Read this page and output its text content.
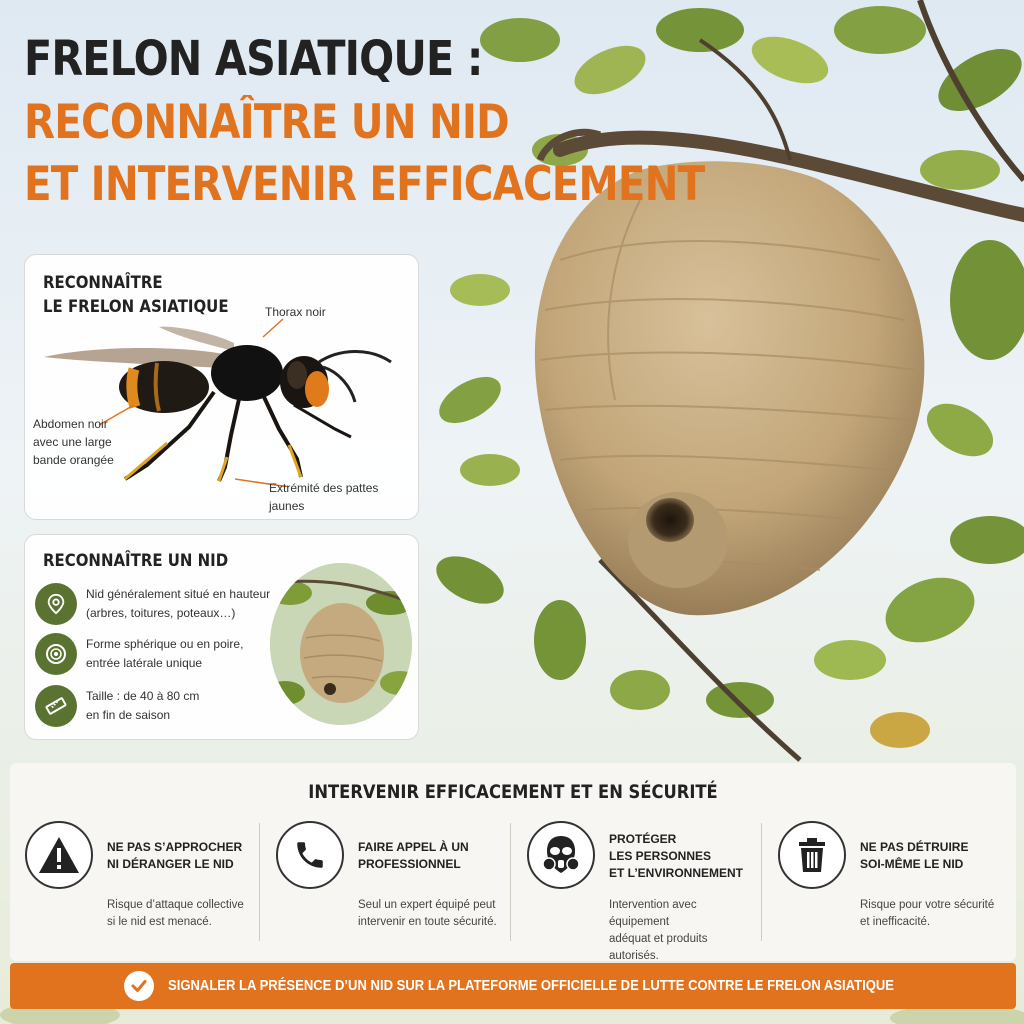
FRELON ASIATIQUE :
RECONNAÎTRE UN NID
ET INTERVENIR EFFICACEMENT
RECONNAÎTRE
LE FRELON ASIATIQUE	Thorax noir
Abdomen noir
avec une large
bande orangée
Extrémité des pattes
jaunes
RECONNAÎTRE UN NID
Nid généralement situé en hauteur
(arbres, toitures, poteaux…)
Forme sphérique ou en poire,
entrée latérale unique
Taille : de 40 à 80 cm
en fin de saison
INTERVENIR EFFICACEMENT ET EN SÉCURITÉ
NE PAS S’APPROCHER
NI DÉRANGER LE NID
Risque d’attaque collective
si le nid est menacé.
FAIRE APPEL À UN
PROFESSIONNEL
Seul un expert équipé peut
intervenir en toute sécurité.
PROTÉGER
LES PERSONNES
ET L’ENVIRONNEMENT
Intervention avec équipement
adéquat et produits autorisés.
NE PAS DÉTRUIRE
SOI-MÊME LE NID
Risque pour votre sécurité
et inefficacité.
SIGNALER LA PRÉSENCE D’UN NID SUR LA PLATEFORME OFFICIELLE DE LUTTE CONTRE LE FRELON ASIATIQUE
